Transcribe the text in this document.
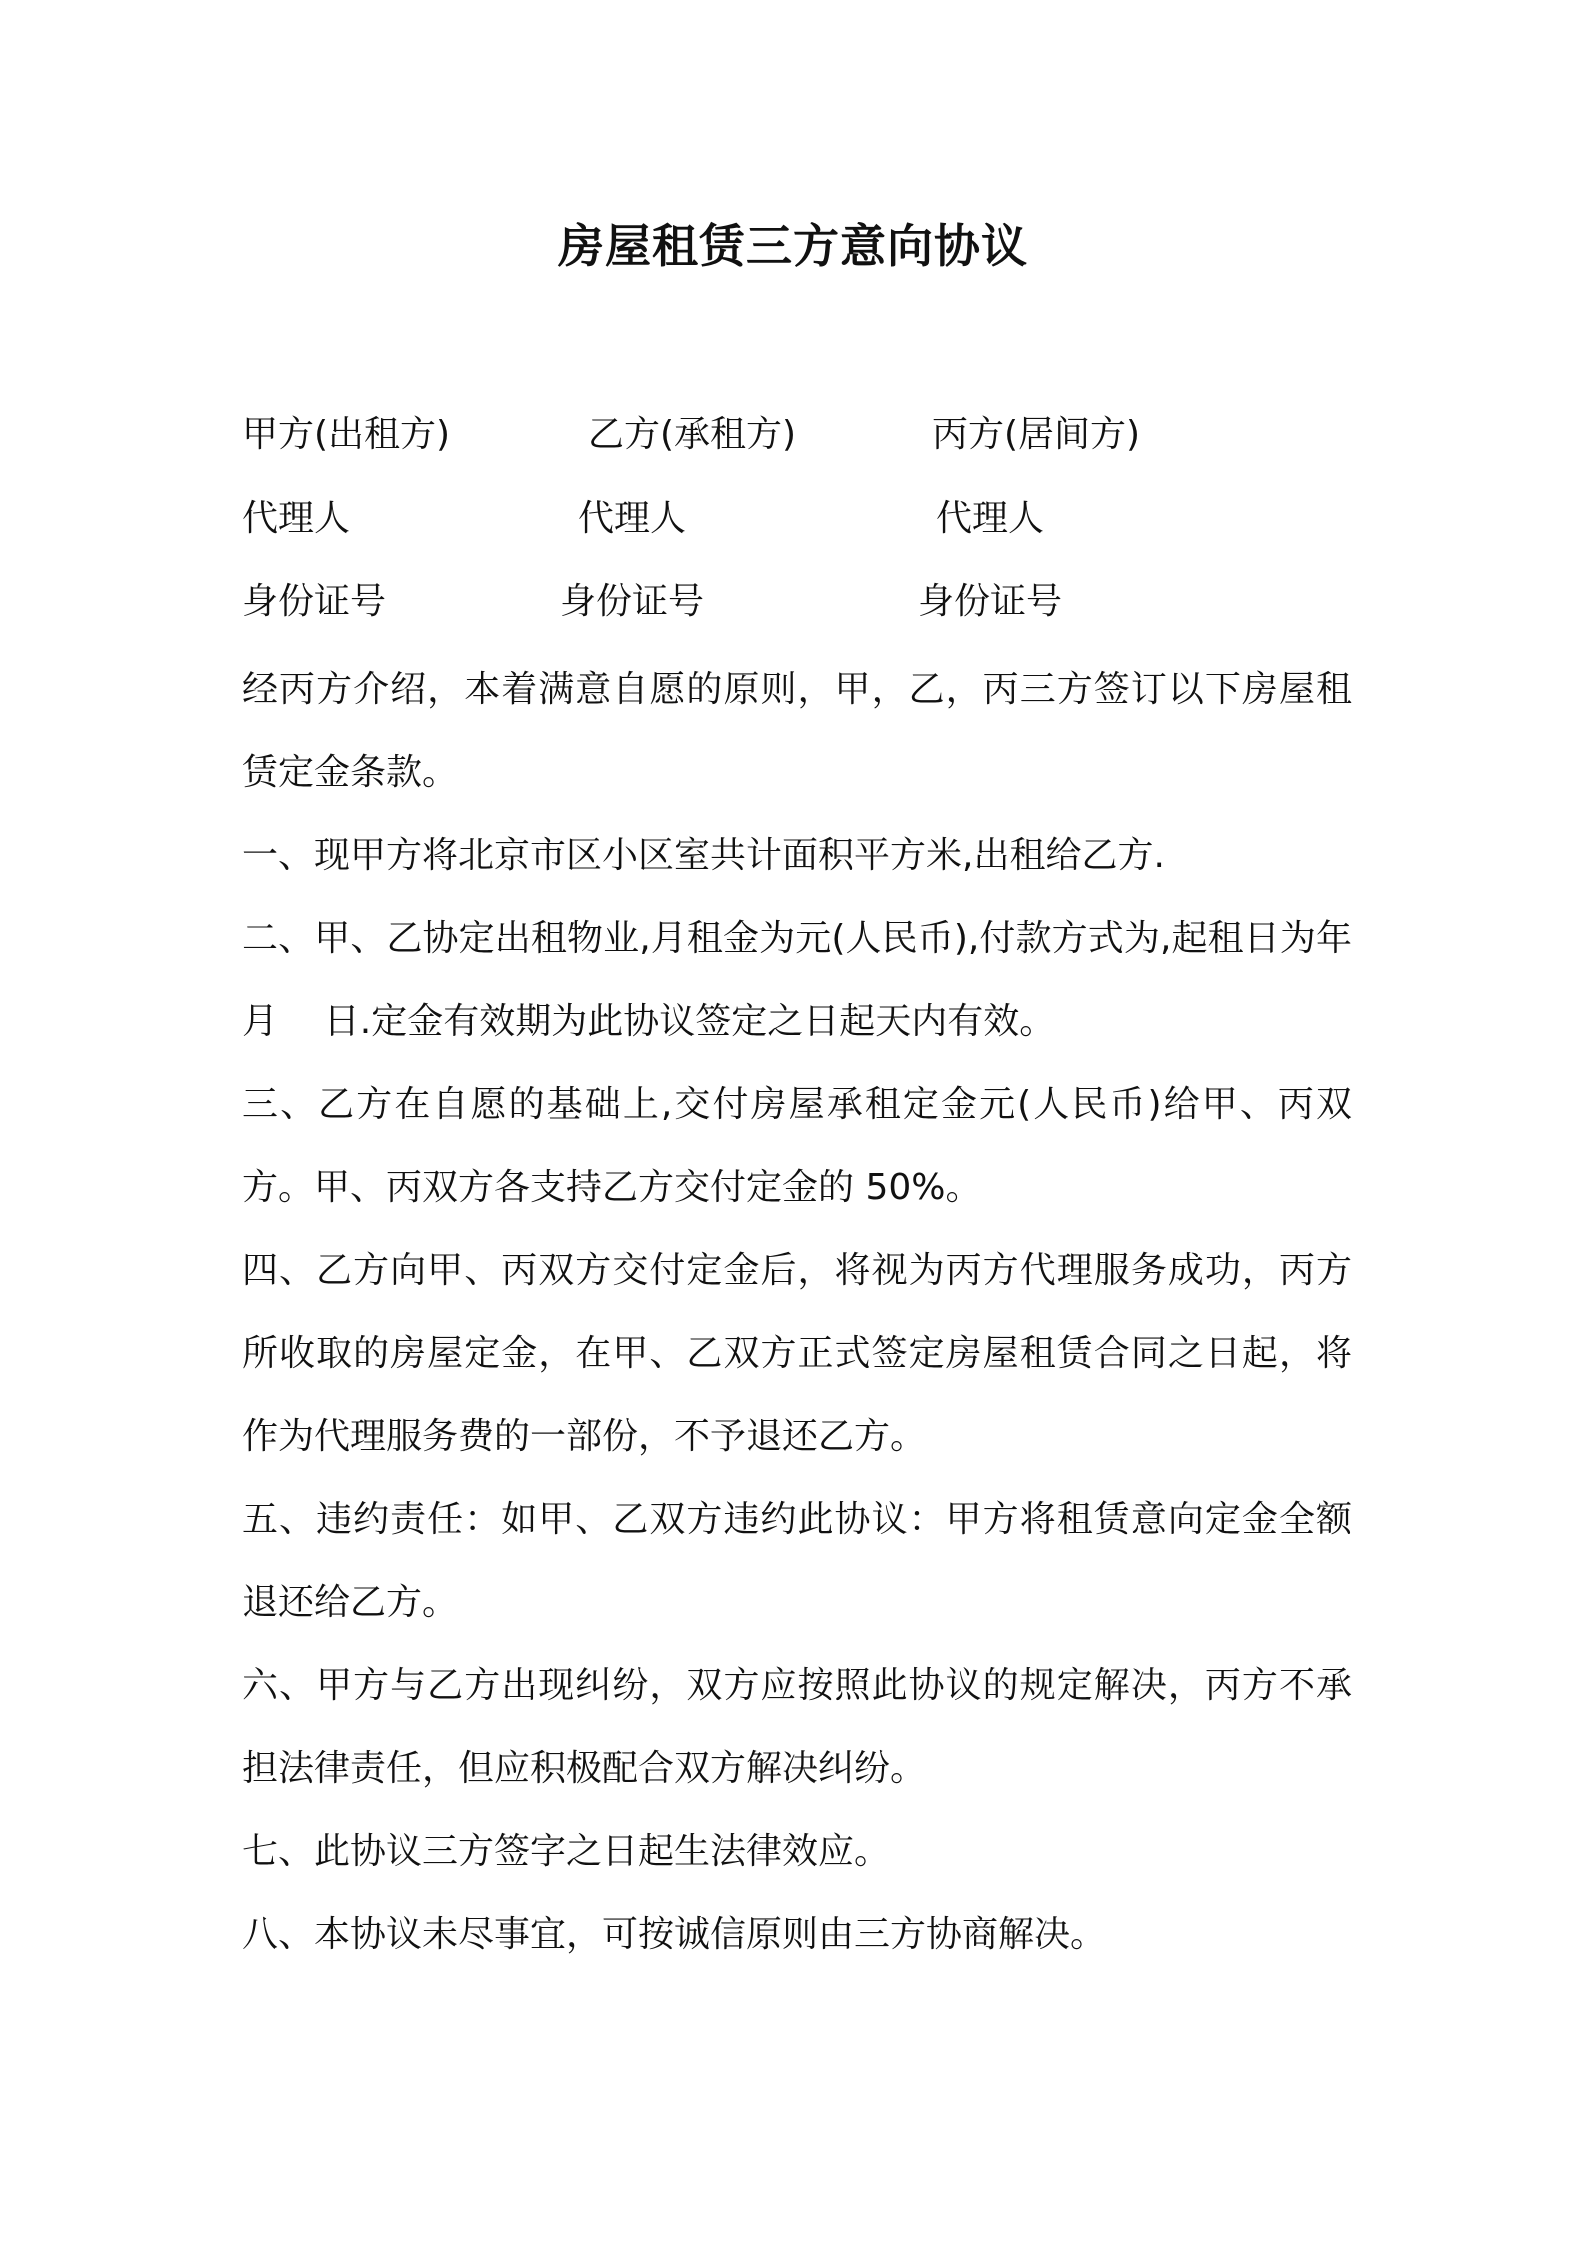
房屋租赁三方意向协议
甲方(出租方)	乙方(承租方)	丙方(居间方)
代理人	代理人	代理人
身份证号	身份证号	身份证号

经丙方介绍，本着满意自愿的原则，甲，乙，丙三方签订以下房屋租赁定金条款。

一、现甲方将北京市区小区室共计面积平方米,出租给乙方.

二、甲、乙协定出租物业,月租金为元(人民币),付款方式为,起租日为年    月    日.定金有效期为此协议签定之日起天内有效。

三、乙方在自愿的基础上,交付房屋承租定金元(人民币)给甲、丙双方。甲、丙双方各支持乙方交付定金的 50%。

四、乙方向甲、丙双方交付定金后，将视为丙方代理服务成功，丙方所收取的房屋定金，在甲、乙双方正式签定房屋租赁合同之日起，将作为代理服务费的一部份，不予退还乙方。

五、违约责任：如甲、乙双方违约此协议：甲方将租赁意向定金全额退还给乙方。

六、甲方与乙方出现纠纷，双方应按照此协议的规定解决，丙方不承担法律责任，但应积极配合双方解决纠纷。

七、此协议三方签字之日起生法律效应。

八、本协议未尽事宜，可按诚信原则由三方协商解决。
